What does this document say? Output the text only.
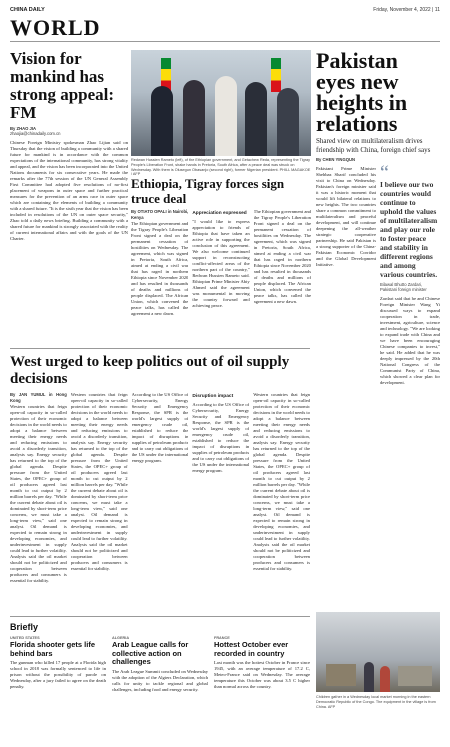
CHINA DAILY	Friday, November 4, 2022 | 11
WORLD
Vision for mankind has strong appeal: FM
By ZHAO JIA
zhaojia@chinadaily.com.cn
Chinese Foreign Ministry spokesman Zhao Lijian said on Thursday that the vision of building a community with a shared future for mankind is in accordance with the common expectations of the international community, has strong vitality and appeal, and the vision has been incorporated into the United Nations documents for six consecutive years. He made the remarks after the 77th session of the UN General Assembly First Committee had adopted five resolutions of no-first placement of weapons in outer space and further practical measures for the prevention of an arms race in outer space which are containing the elements of building a community with a shared future. "It is the sixth year that the vision has been included in resolutions of the UN on outer space security," Zhao told a daily news briefing. Building a community with a shared future for mankind is strongly associated with the reality of current international affairs and with the goals of the UN Charter.
Redwan Hussien Rameto (left), of the Ethiopian government, and Getachew Reda, representing the Tigray People's Liberation Front, shake hands in Pretoria, South Africa, after a peace deal was struck on Wednesday. With them is Olusegun Obasanjo (second right), former Nigerian president. PHILL MAGAKOE / AFP
Ethiopia, Tigray forces sign truce deal
By OTIATO OPALI in Nairobi, Kenya
The Ethiopian government and the Tigray People's Liberation Front signed a deal on the permanent cessation of hostilities on Wednesday. The agreement, which was signed in Pretoria, South Africa, aimed at ending a civil war that has raged in northern Ethiopia since November 2020 and has resulted in thousands of deaths and millions of people displaced. The African Union, which convened the peace talks, has called the agreement a new dawn.
Appreciation expressed
"I would like to express appreciation to friends of Ethiopia that have taken an active role in supporting the conclusion of this agreement. We also welcome continued support in reconstructing conflict-affected areas of the northern part of the country," Redwan Hussien Rameto said. Ethiopian Prime Minister Abiy Ahmed said the agreement was monumental in moving the country forward and achieving peace.
The Ethiopian government and the Tigray People's Liberation Front signed a deal on the permanent cessation of hostilities on Wednesday. The agreement, which was signed in Pretoria, South Africa, aimed at ending a civil war that has raged in northern Ethiopia since November 2020 and has resulted in thousands of deaths and millions of people displaced. The African Union, which convened the peace talks, has called the agreement a new dawn.
Pakistan eyes new heights in relations
Shared view on multilateralism drives friendship with China, foreign chief says
By CHEN YINGQUN
Pakistani Prime Minister Shehbaz Sharif concluded his visit to China on Wednesday. Pakistan's foreign minister said it was a historic moment that would lift bilateral relations to new heights. The two countries share a common commitment to multilateralism and peaceful development, and will continue deepening the all-weather strategic cooperative partnership. He said Pakistan is a strong supporter of the China-Pakistan Economic Corridor and the Global Development Initiative.
“
I believe our two countries would continue to uphold the values of multilateralism and play our role to foster peace and stability in different regions and among various countries.
Bilawal Bhutto Zardari, Pakistani foreign minister
Zardari said that he and Chinese Foreign Minister Wang Yi discussed ways to expand cooperation in trade, investment, agriculture, science and technology. "We are looking to expand trade with China and we have been encouraging Chinese companies to invest," he said. He added that he was deeply impressed by the 20th National Congress of the Communist Party of China, which showed a clear plan for development.
West urged to keep politics out of oil supply decisions
By JAN YUMUL in Hong Kong
Western countries that feign open-oil capacity in so-called protection of their economic decisions in the world needs to adopt a balance between meeting their energy needs and reducing emissions to avoid a disorderly transition, analysts say. Energy security has returned to the top of the global agenda. Despite pressure from the United States, the OPEC+ group of oil producers agreed last month to cut output by 2 million barrels per day. "While the current debate about oil is dominated by short-term price concerns, we must take a long-term view," said one analyst. Oil demand is expected to remain strong in developing economies, and underinvestment in supply could lead to further volatility. Analysts said the oil market should not be politicized and cooperation between producers and consumers is essential for stability.
Western countries that feign open-oil capacity in so-called protection of their economic decisions in the world needs to adopt a balance between meeting their energy needs and reducing emissions to avoid a disorderly transition, analysts say. Energy security has returned to the top of the global agenda. Despite pressure from the United States, the OPEC+ group of oil producers agreed last month to cut output by 2 million barrels per day. "While the current debate about oil is dominated by short-term price concerns, we must take a long-term view," said one analyst. Oil demand is expected to remain strong in developing economies, and underinvestment in supply could lead to further volatility. Analysts said the oil market should not be politicized and cooperation between producers and consumers is essential for stability.
According to the US Office of Cybersecurity, Energy Security and Emergency Response, the SPR is the world's largest supply of emergency crude oil, established to reduce the impact of disruptions in supplies of petroleum products and to carry out obligations of the US under the international energy program.
Disruption impact
According to the US Office of Cybersecurity, Energy Security and Emergency Response, the SPR is the world's largest supply of emergency crude oil, established to reduce the impact of disruptions in supplies of petroleum products and to carry out obligations of the US under the international energy program.
Western countries that feign open-oil capacity in so-called protection of their economic decisions in the world needs to adopt a balance between meeting their energy needs and reducing emissions to avoid a disorderly transition, analysts say. Energy security has returned to the top of the global agenda. Despite pressure from the United States, the OPEC+ group of oil producers agreed last month to cut output by 2 million barrels per day. "While the current debate about oil is dominated by short-term price concerns, we must take a long-term view," said one analyst. Oil demand is expected to remain strong in developing economies, and underinvestment in supply could lead to further volatility. Analysts said the oil market should not be politicized and cooperation between producers and consumers is essential for stability.
Briefly
UNITED STATES
Florida shooter gets life behind bars
The gunman who killed 17 people at a Florida high school in 2018 was formally sentenced to life in prison without the possibility of parole on Wednesday, after a jury failed to agree on the death penalty.
ALGERIA
Arab League calls for collective action on challenges
The Arab League Summit concluded on Wednesday with the adoption of the Algiers Declaration, which calls for unity to tackle regional and global challenges, including food and energy security.
FRANCE
Hottest October ever recorded in country
Last month was the hottest October in France since 1945, with an average temperature of 17.2 C, Meteo-France said on Wednesday. The average temperature this October was about 3.5 C higher than normal across the country.
Children gather in a Wednesday local market morning in the eastern Democratic Republic of the Congo. The equipment in the village is from China. AFP
